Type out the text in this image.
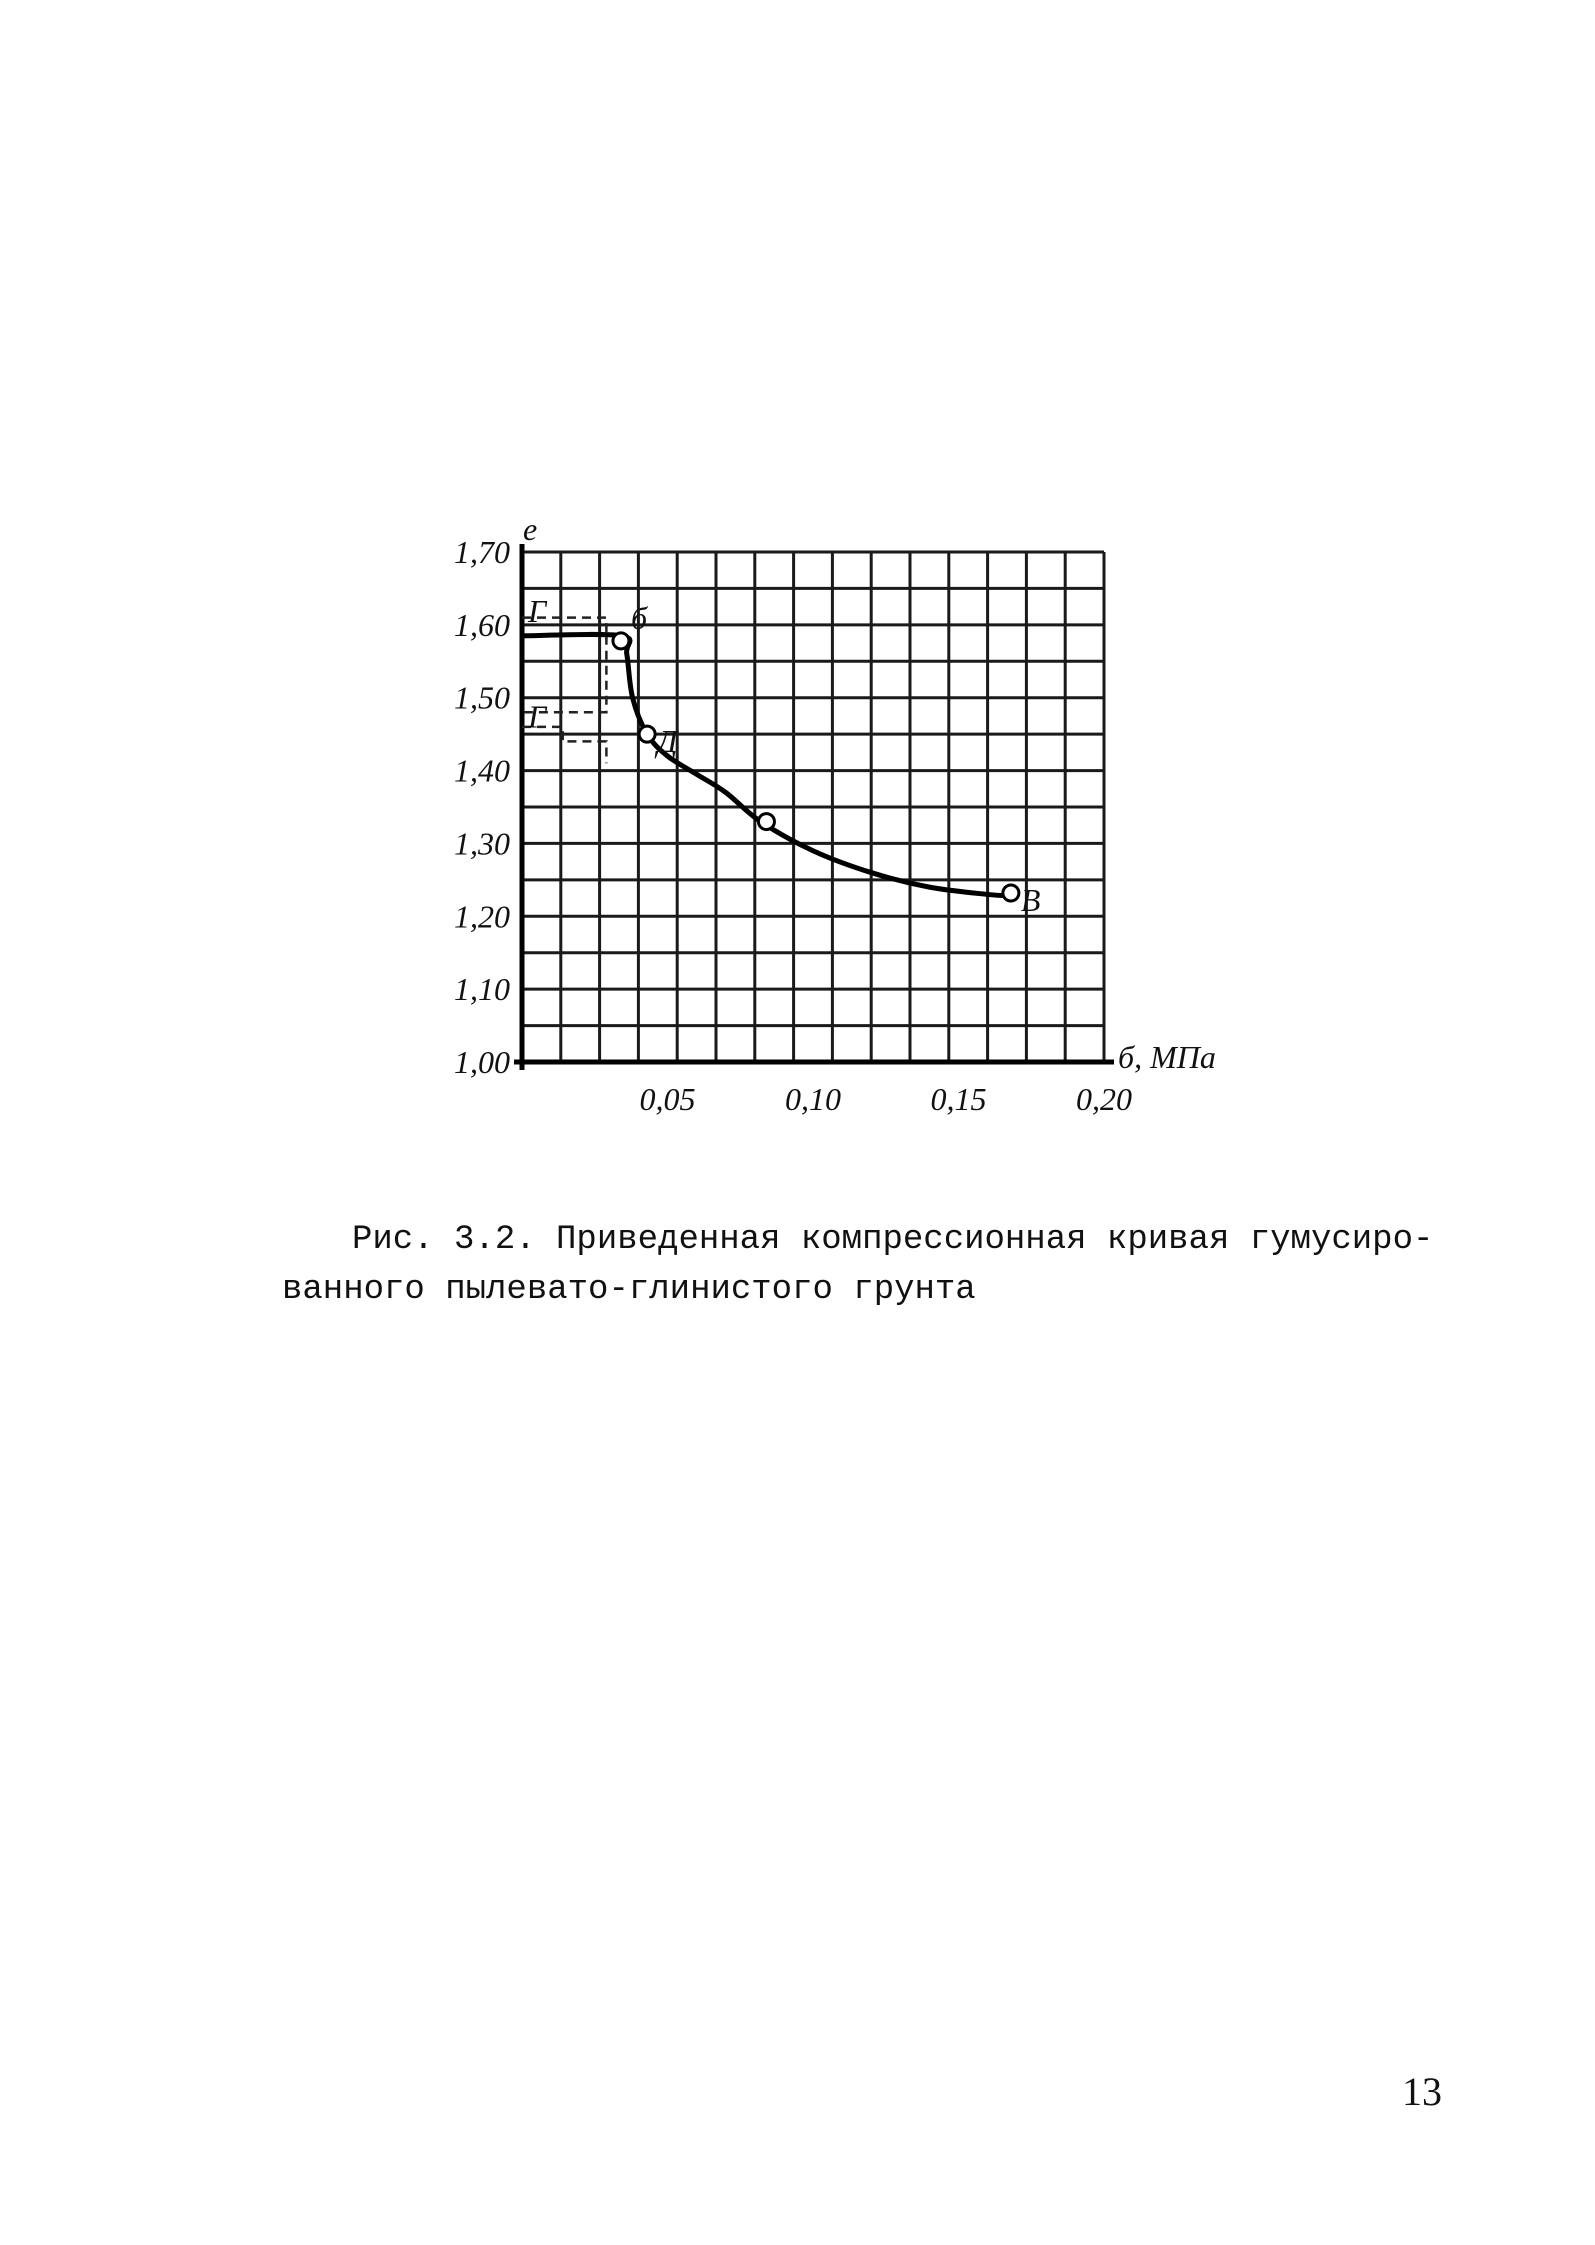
б
Д
В
Г
Г
1,70
1,60
1,50
1,40
1,30
1,20
1,10
1,00
0,05	0,10	0,15	0,20
e
б, МПа
Рис. 3.2. Приведенная компрессионная кривая гумусиро-
ванного пылевато-глинистого грунта
13
